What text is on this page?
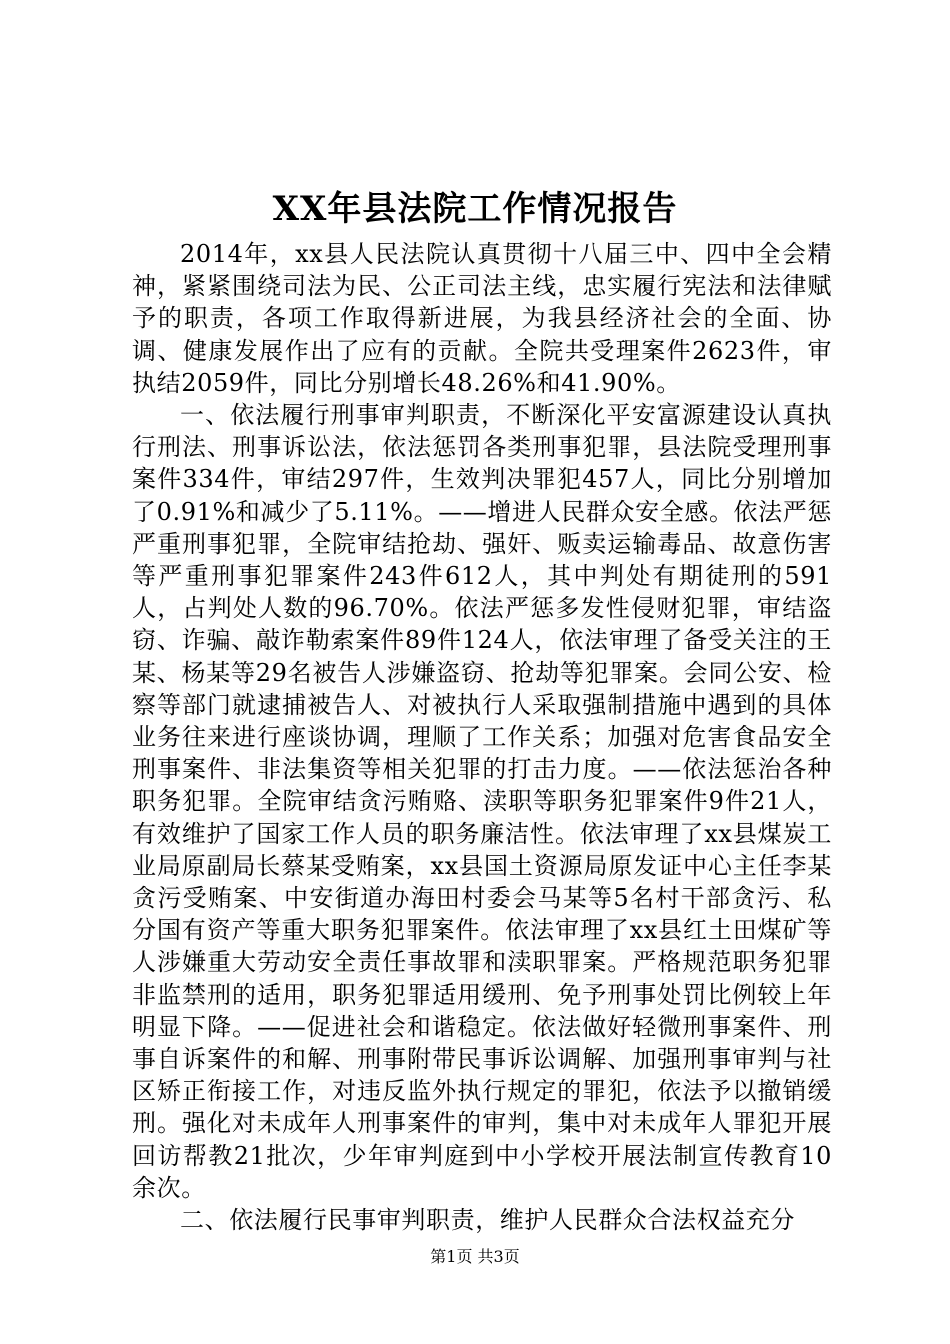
XX年县法院工作情况报告

2014年，xx县人民法院认真贯彻十八届三中、四中全会精神，紧紧围绕司法为民、公正司法主线，忠实履行宪法和法律赋予的职责，各项工作取得新进展，为我县经济社会的全面、协调、健康发展作出了应有的贡献。全院共受理案件2623件，审执结2059件，同比分别增长48.26%和41.90%。

一、依法履行刑事审判职责，不断深化平安富源建设认真执行刑法、刑事诉讼法，依法惩罚各类刑事犯罪，县法院受理刑事案件334件，审结297件，生效判决罪犯457人，同比分别增加了0.91%和减少了5.11%。——增进人民群众安全感。依法严惩严重刑事犯罪，全院审结抢劫、强奸、贩卖运输毒品、故意伤害等严重刑事犯罪案件243件612人，其中判处有期徒刑的591人，占判处人数的96.70%。依法严惩多发性侵财犯罪，审结盗窃、诈骗、敲诈勒索案件89件124人，依法审理了备受关注的王某、杨某等29名被告人涉嫌盗窃、抢劫等犯罪案。会同公安、检察等部门就逮捕被告人、对被执行人采取强制措施中遇到的具体业务往来进行座谈协调，理顺了工作关系；加强对危害食品安全刑事案件、非法集资等相关犯罪的打击力度。——依法惩治各种职务犯罪。全院审结贪污贿赂、渎职等职务犯罪案件9件21人，有效维护了国家工作人员的职务廉洁性。依法审理了xx县煤炭工业局原副局长蔡某受贿案，xx县国土资源局原发证中心主任李某贪污受贿案、中安街道办海田村委会马某等5名村干部贪污、私分国有资产等重大职务犯罪案件。依法审理了xx县红土田煤矿等人涉嫌重大劳动安全责任事故罪和渎职罪案。严格规范职务犯罪非监禁刑的适用，职务犯罪适用缓刑、免予刑事处罚比例较上年明显下降。——促进社会和谐稳定。依法做好轻微刑事案件、刑事自诉案件的和解、刑事附带民事诉讼调解、加强刑事审判与社区矫正衔接工作，对违反监外执行规定的罪犯，依法予以撤销缓刑。强化对未成年人刑事案件的审判，集中对未成年人罪犯开展回访帮教21批次，少年审判庭到中小学校开展法制宣传教育10余次。

二、依法履行民事审判职责，维护人民群众合法权益充分

第1页 共3页
